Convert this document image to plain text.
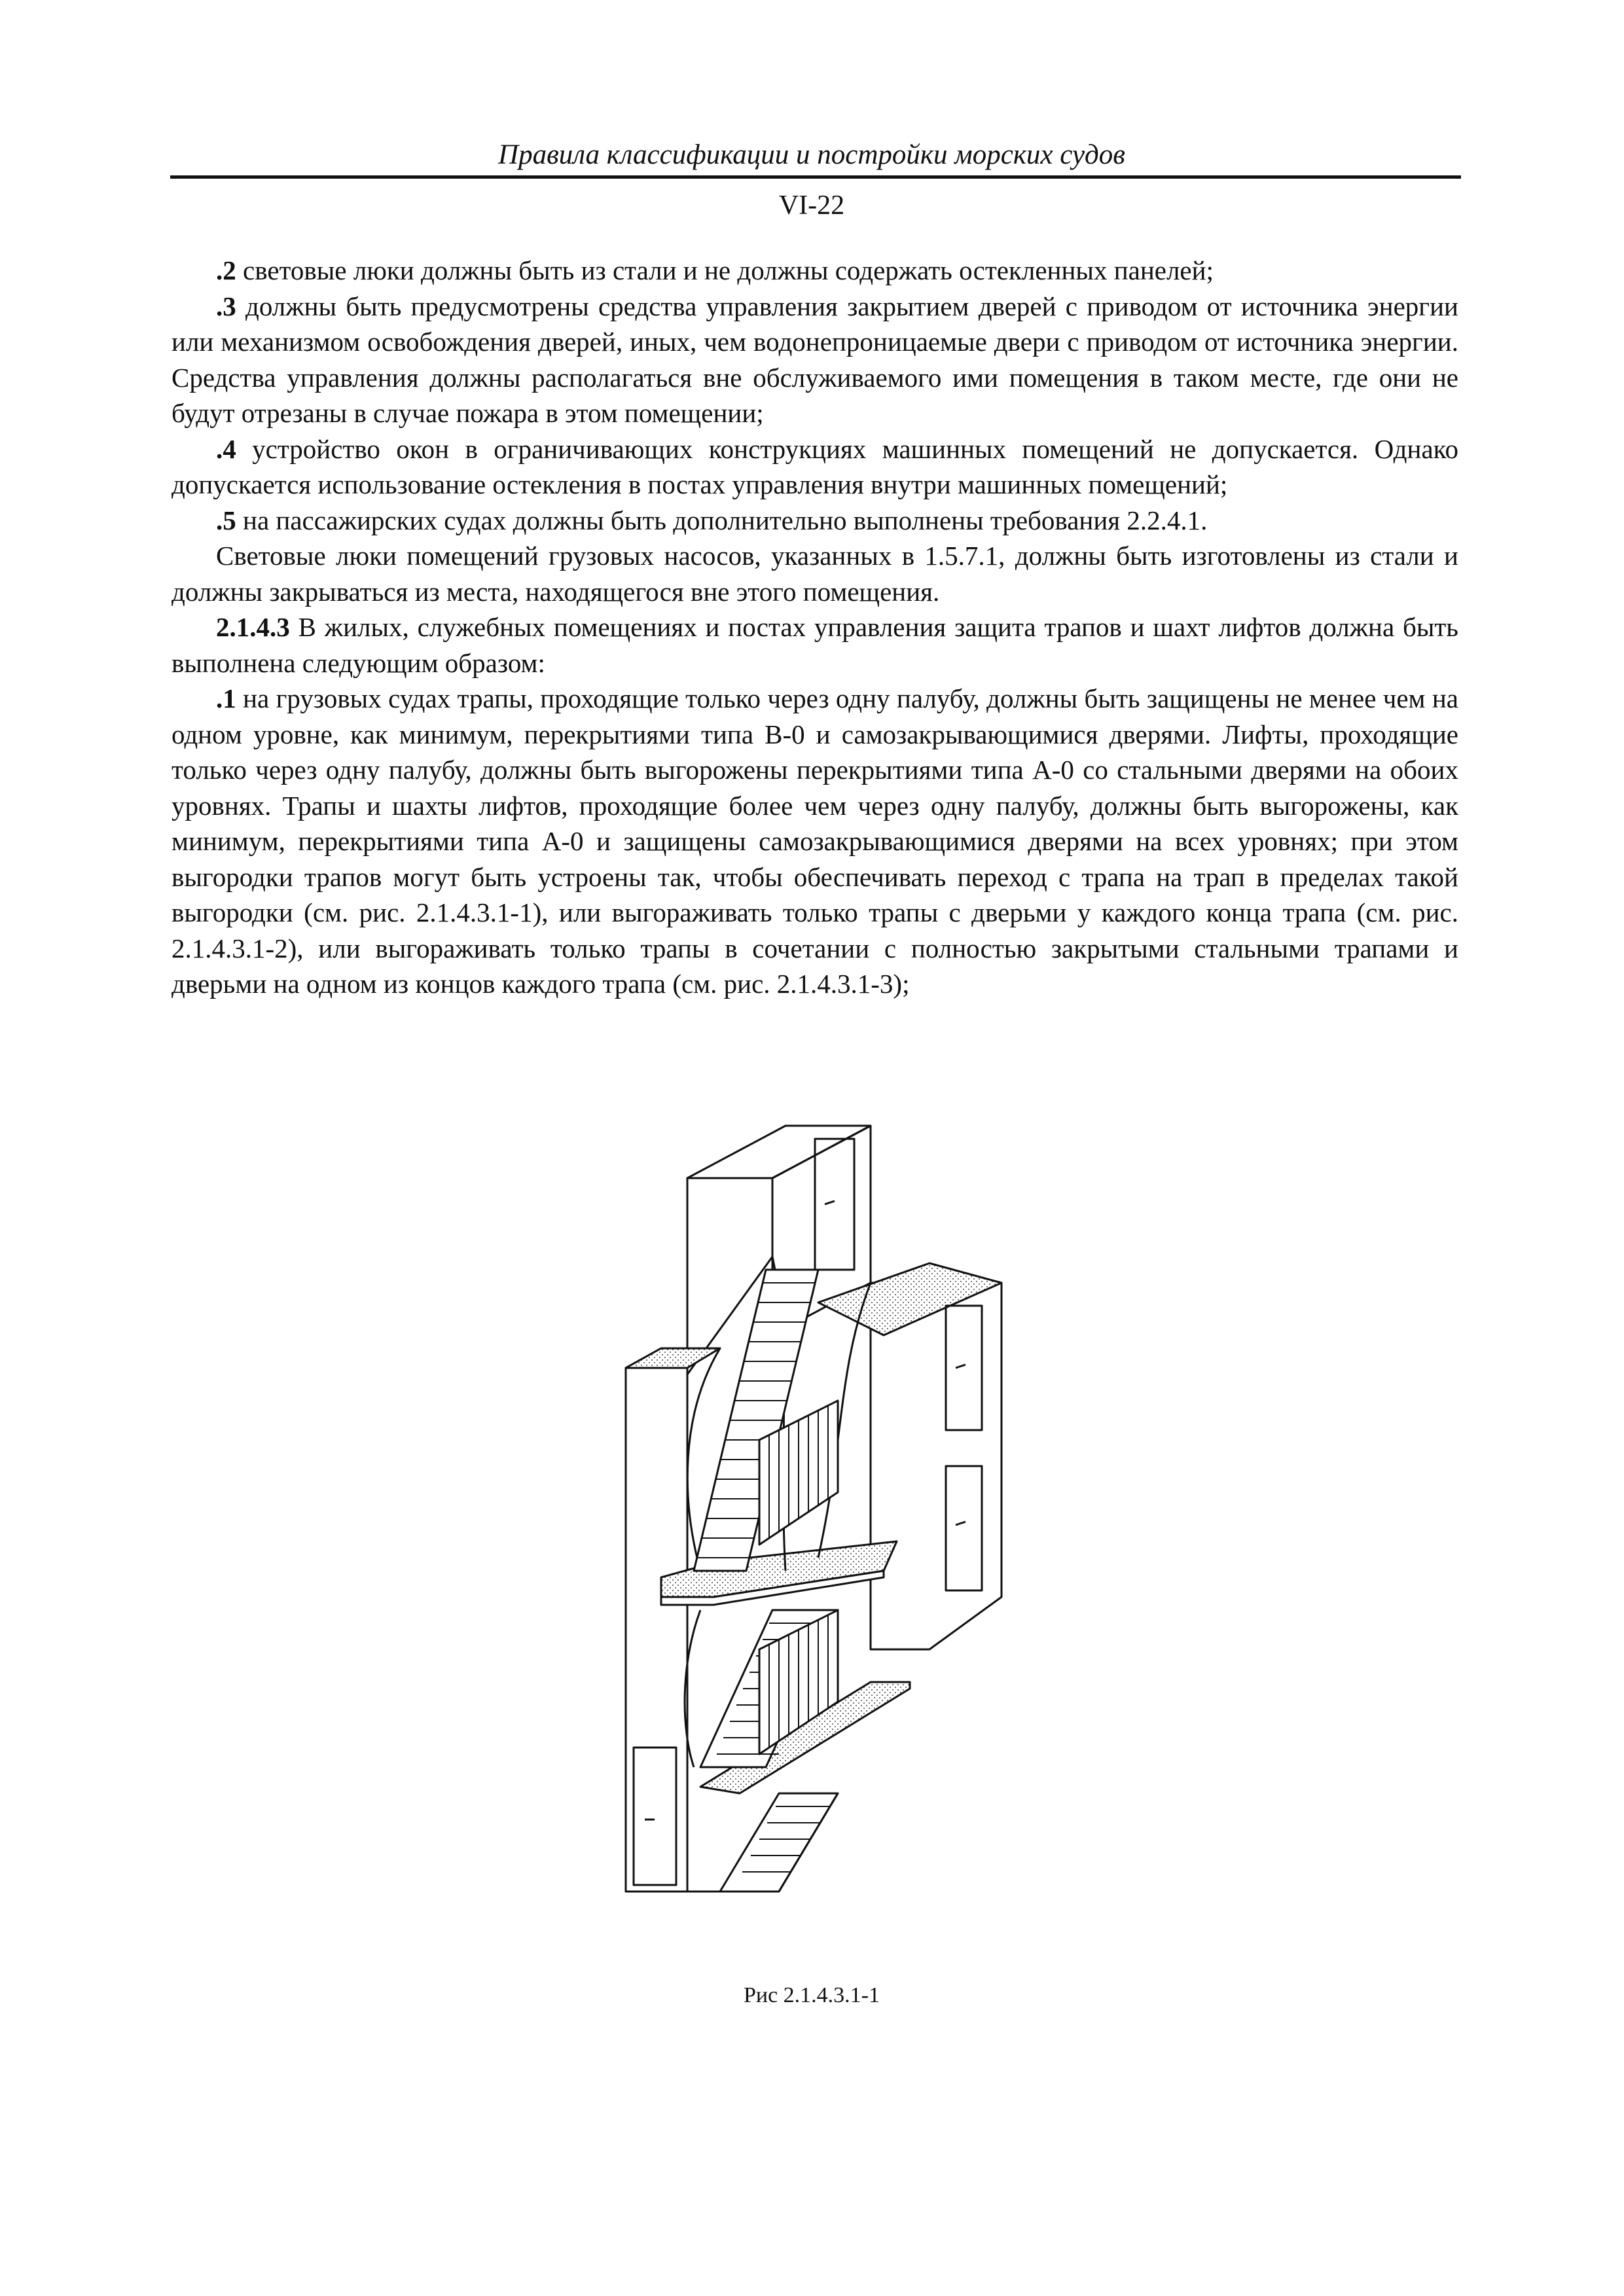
Правила классификации и постройки морских судов
VI-22

.2 световые люки должны быть из стали и не должны содержать остекленных панелей;

.3 должны быть предусмотрены средства управления закрытием дверей с приводом от источника энергии или механизмом освобождения дверей, иных, чем водонепроницаемые двери с приводом от источника энергии. Средства управления должны располагаться вне обслуживаемого ими помещения в таком месте, где они не будут отрезаны в случае пожара в этом помещении;

.4 устройство окон в ограничивающих конструкциях машинных помещений не допускается. Однако допускается использование остекления в постах управления внутри машинных помещений;

.5 на пассажирских судах должны быть дополнительно выполнены требования 2.2.4.1.

Световые люки помещений грузовых насосов, указанных в 1.5.7.1, должны быть изготовлены из стали и должны закрываться из места, находящегося вне этого помещения.

2.1.4.3 В жилых, служебных помещениях и постах управления защита трапов и шахт лифтов должна быть выполнена следующим образом:

.1 на грузовых судах трапы, проходящие только через одну палубу, должны быть защищены не менее чем на одном уровне, как минимум, перекрытиями типа В-0 и самозакрывающимися дверями. Лифты, проходящие только через одну палубу, должны быть выгорожены перекрытиями типа А-0 со стальными дверями на обоих уровнях. Трапы и шахты лифтов, проходящие более чем через одну палубу, должны быть выгорожены, как минимум, перекрытиями типа А-0 и защищены самозакрывающимися дверями на всех уровнях; при этом выгородки трапов могут быть устроены так, чтобы обеспечивать переход с трапа на трап в пределах такой выгородки (см. рис. 2.1.4.3.1-1), или выгораживать только трапы с дверьми у каждого конца трапа (см. рис. 2.1.4.3.1-2), или выгораживать только трапы в сочетании с полностью закрытыми стальными трапами и дверьми на одном из концов каждого трапа (см. рис. 2.1.4.3.1-3);

Рис 2.1.4.3.1-1
